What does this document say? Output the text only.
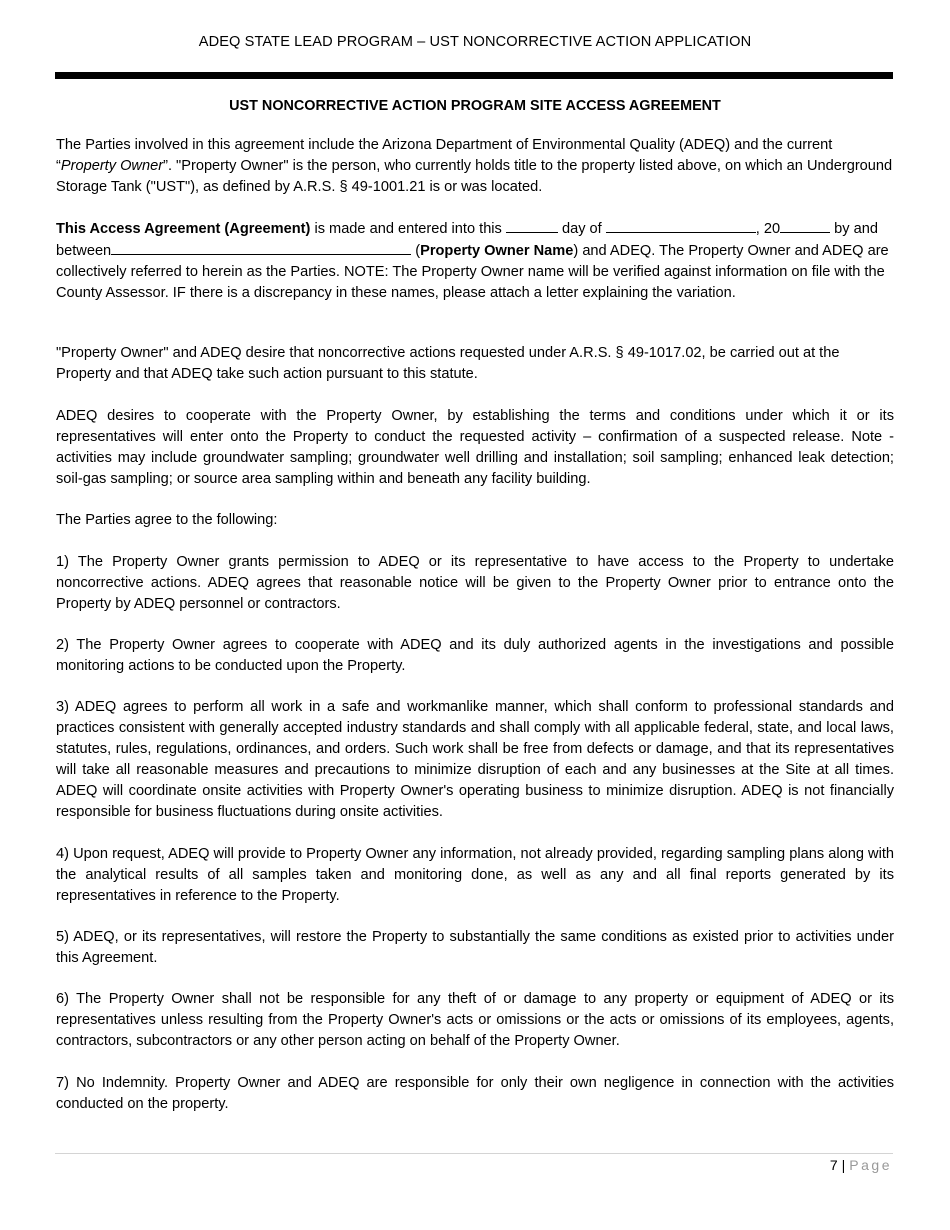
ADEQ STATE LEAD PROGRAM – UST NONCORRECTIVE ACTION APPLICATION
UST NONCORRECTIVE ACTION PROGRAM SITE ACCESS AGREEMENT
The Parties involved in this agreement include the Arizona Department of Environmental Quality (ADEQ) and the current “Property Owner”. "Property Owner" is the person, who currently holds title to the property listed above, on which an Underground Storage Tank ("UST"), as defined by A.R.S. § 49-1001.21 is or was located.
This Access Agreement (Agreement) is made and entered into this	day of	, 20	by and between	(Property Owner Name) and ADEQ. The Property Owner and ADEQ are collectively referred to herein as the Parties. NOTE: The Property Owner name will be verified against information on file with the County Assessor. IF there is a discrepancy in these names, please attach a letter explaining the variation.
"Property Owner" and ADEQ desire that noncorrective actions requested under A.R.S. § 49-1017.02, be carried out at the Property and that ADEQ take such action pursuant to this statute.
ADEQ desires to cooperate with the Property Owner, by establishing the terms and conditions under which it or its representatives will enter onto the Property to conduct the requested activity – confirmation of a suspected release. Note - activities may include groundwater sampling; groundwater well drilling and installation; soil sampling; enhanced leak detection; soil-gas sampling; or source area sampling within and beneath any facility building.
The Parties agree to the following:
1) The Property Owner grants permission to ADEQ or its representative to have access to the Property to undertake noncorrective actions. ADEQ agrees that reasonable notice will be given to the Property Owner prior to entrance onto the Property by ADEQ personnel or contractors.
2) The Property Owner agrees to cooperate with ADEQ and its duly authorized agents in the investigations and possible monitoring actions to be conducted upon the Property.
3) ADEQ agrees to perform all work in a safe and workmanlike manner, which shall conform to professional standards and practices consistent with generally accepted industry standards and shall comply with all applicable federal, state, and local laws, statutes, rules, regulations, ordinances, and orders. Such work shall be free from defects or damage, and that its representatives will take all reasonable measures and precautions to minimize disruption of each and any businesses at the Site at all times. ADEQ will coordinate onsite activities with Property Owner's operating business to minimize disruption. ADEQ is not financially responsible for business fluctuations during onsite activities.
4) Upon request, ADEQ will provide to Property Owner any information, not already provided, regarding sampling plans along with the analytical results of all samples taken and monitoring done, as well as any and all final reports generated by its representatives in reference to the Property.
5) ADEQ, or its representatives, will restore the Property to substantially the same conditions as existed prior to activities under this Agreement.
6) The Property Owner shall not be responsible for any theft of or damage to any property or equipment of ADEQ or its representatives unless resulting from the Property Owner's acts or omissions or the acts or omissions of its employees, agents, contractors, subcontractors or any other person acting on behalf of the Property Owner.
7) No Indemnity. Property Owner and ADEQ are responsible for only their own negligence in connection with the activities conducted on the property.
7 | Page
